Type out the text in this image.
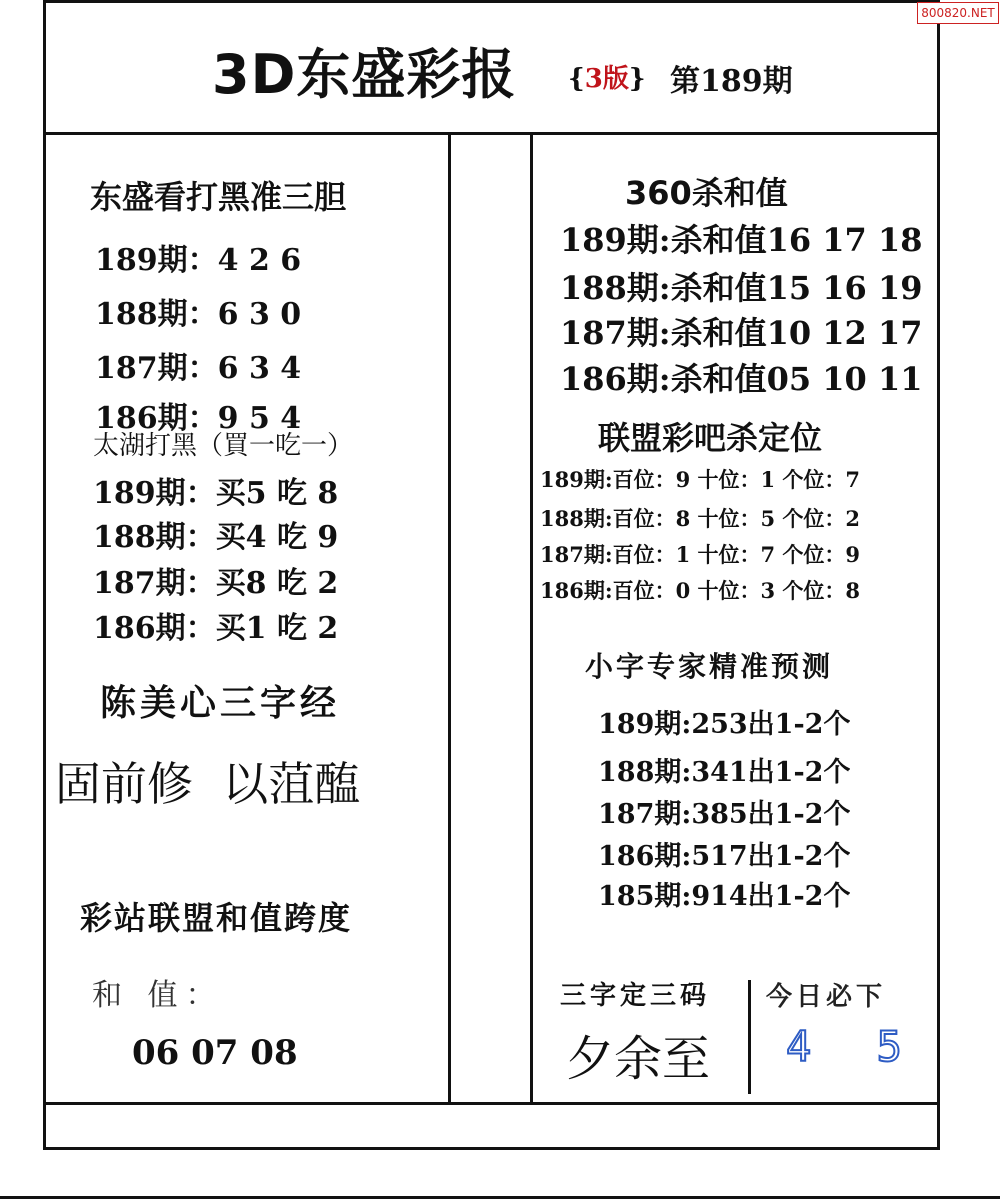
800820.NET
3D东盛彩报 {3版} 第189期
东盛看打黑准三胆
189期：4 2 6
188期：6 3 0
187期：6 3 4
186期：9 5 4
太湖打黑（買一吃一）
189期：买5 吃 8
188期：买4 吃 9
187期：买8 吃 2
186期：买1 吃 2
陈美心三字经
固前修  以菹醢
彩站联盟和值跨度
和 值：
06 07 08
360杀和值
189期:杀和值16 17 18
188期:杀和值15 16 19
187期:杀和值10 12 17
186期:杀和值05 10 11
联盟彩吧杀定位
189期:百位：9 十位：1 个位：7
188期:百位：8 十位：5 个位：2
187期:百位：1 十位：7 个位：9
186期:百位：0 十位：3 个位：8
小字专家精准预测
189期:253出1-2个
188期:341出1-2个
187期:385出1-2个
186期:517出1-2个
185期:914出1-2个
三字定三码
夕余至
今日必下
4 5
